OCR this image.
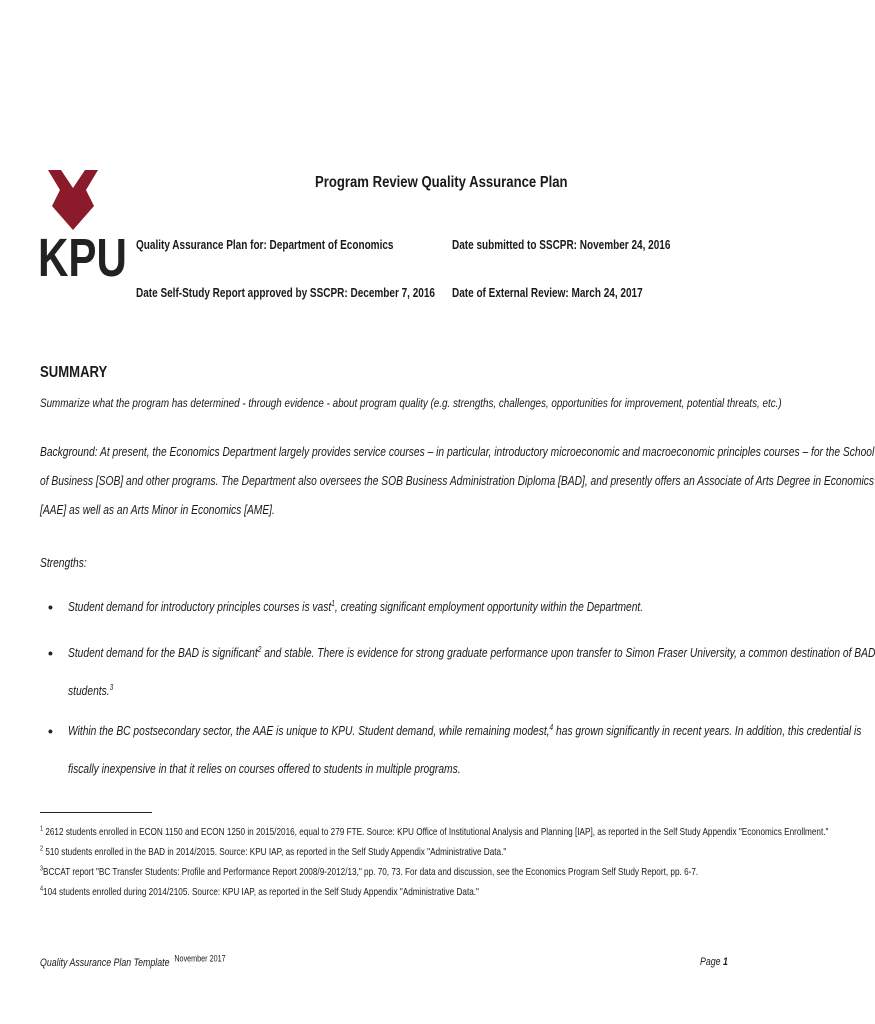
KPU
Program Review Quality Assurance Plan
Quality Assurance Plan for: Department of Economics	Date submitted to SSCPR: November 24, 2016
Date Self-Study Report approved by SSCPR: December 7, 2016 Date of External Review: March 24, 2017
SUMMARY
Summarize what the program has determined - through evidence - about program quality (e.g. strengths, challenges, opportunities for improvement, potential threats, etc.)
Background: At present, the Economics Department largely provides service courses – in particular, introductory microeconomic and macroeconomic principles courses – for the School
of Business [SOB] and other programs. The Department also oversees the SOB Business Administration Diploma [BAD], and presently offers an Associate of Arts Degree in Economics
[AAE] as well as an Arts Minor in Economics [AME].
Strengths:
• Student demand for introductory principles courses is vast$^1$, creating significant employment opportunity within the Department.
• Student demand for the BAD is significant$^2$ and stable. There is evidence for strong graduate performance upon transfer to Simon Fraser University, a common destination of BAD
students.$^3$
• Within the BC postsecondary sector, the AAE is unique to KPU. Student demand, while remaining modest,$^4$ has grown significantly in recent years. In addition, this credential is
fiscally inexpensive in that it relies on courses offered to students in multiple programs.
$^1$ 2612 students enrolled in ECON 1150 and ECON 1250 in 2015/2016, equal to 279 FTE. Source: KPU Office of Institutional Analysis and Planning [IAP], as reported in the Self Study Appendix "Economics Enrollment."
$^2$ 510 students enrolled in the BAD in 2014/2015. Source: KPU IAP, as reported in the Self Study Appendix "Administrative Data."
$^3$BCCAT report "BC Transfer Students: Profile and Performance Report 2008/9-2012/13," pp. 70, 73. For data and discussion, see the Economics Program Self Study Report, pp. 6-7.
$^4$104 students enrolled during 2014/2105. Source: KPU IAP, as reported in the Self Study Appendix "Administrative Data."
Quality Assurance Plan Template $^{November 2017}$	Page 1
